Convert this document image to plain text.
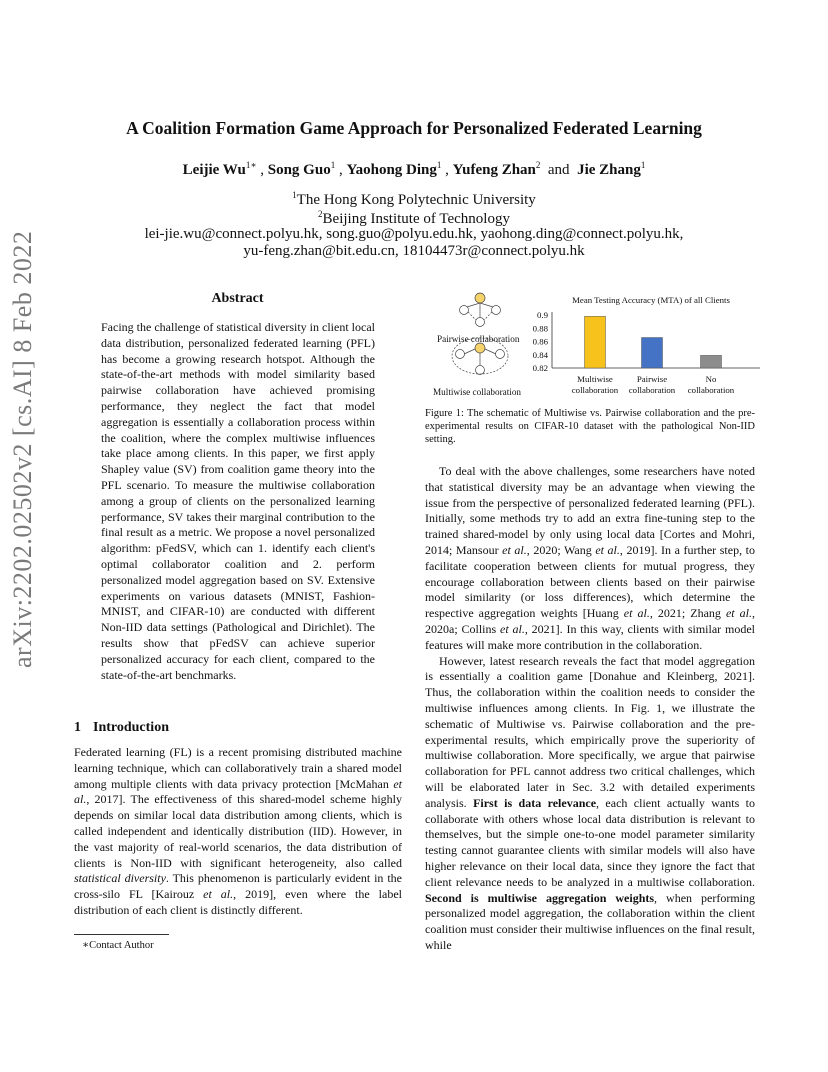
arXiv:2202.02502v2 [cs.AI] 8 Feb 2022
A Coalition Formation Game Approach for Personalized Federated Learning
Leijie $Wu^{1∗}$ , Song Guo$^1$ , Yaohong Ding$^1$ , Yufeng Zhan$^2$ and Jie Zhang$^1$
$^1$The Hong Kong Polytechnic University
$^2$Beijing Institute of Technology
lei-jie.wu@connect.polyu.hk, song.guo@polyu.edu.hk, yaohong.ding@connect.polyu.hk,
yu-feng.zhan@bit.edu.cn, 18104473r@connect.polyu.hk
Abstract
Facing the challenge of statistical diversity in client local data distribution, personalized federated learning (PFL) has become a growing research hotspot. Although the state-of-the-art methods with model similarity based pairwise collaboration have achieved promising performance, they neglect the fact that model aggregation is essentially a collaboration process within the coalition, where the complex multiwise influences take place among clients. In this paper, we first apply Shapley value (SV) from coalition game theory into the PFL scenario. To measure the multiwise collaboration among a group of clients on the personalized learning performance, SV takes their marginal contribution to the final result as a metric. We propose a novel personalized algorithm: pFedSV, which can 1. identify each client's optimal collaborator coalition and 2. perform personalized model aggregation based on SV. Extensive experiments on various datasets (MNIST, Fashion-MNIST, and CIFAR-10) are conducted with different Non-IID data settings (Pathological and Dirichlet). The results show that pFedSV can achieve superior personalized accuracy for each client, compared to the state-of-the-art benchmarks.
1 Introduction
Federated learning (FL) is a recent promising distributed machine learning technique, which can collaboratively train a shared model among multiple clients with data privacy protection [McMahan et al., 2017]. The effectiveness of this shared-model scheme highly depends on similar local data distribution among clients, which is called independent and identically distribution (IID). However, in the vast majority of real-world scenarios, the data distribution of clients is Non-IID with significant heterogeneity, also called statistical diversity. This phenomenon is particularly evident in the cross-silo FL [Kairouz et al., 2019], even where the label distribution of each client is distinctly different.
∗Contact Author
Pairwise collaboration
Multiwise collaboration
Mean Testing Accuracy (MTA) of all Clients
0.9
0.88
0.86
0.84
0.82
Multiwise
collaboration
Pairwise
collaboration
No
collaboration
Figure 1: The schematic of Multiwise vs. Pairwise collaboration and the pre-experimental results on CIFAR-10 dataset with the pathological Non-IID setting.

To deal with the above challenges, some researchers have noted that statistical diversity may be an advantage when viewing the issue from the perspective of personalized federated learning (PFL). Initially, some methods try to add an extra fine-tuning step to the trained shared-model by only using local data [Cortes and Mohri, 2014; Mansour et al., 2020; Wang et al., 2019]. In a further step, to facilitate cooperation between clients for mutual progress, they encourage collaboration between clients based on their pairwise model similarity (or loss differences), which determine the respective aggregation weights [Huang et al., 2021; Zhang et al., 2020a; Collins et al., 2021]. In this way, clients with similar model features will make more contribution in the collaboration.

However, latest research reveals the fact that model aggregation is essentially a coalition game [Donahue and Kleinberg, 2021]. Thus, the collaboration within the coalition needs to consider the multiwise influences among clients. In Fig. 1, we illustrate the schematic of Multiwise vs. Pairwise collaboration and the pre-experimental results, which empirically prove the superiority of multiwise collaboration. More specifically, we argue that pairwise collaboration for PFL cannot address two critical challenges, which will be elaborated later in Sec. 3.2 with detailed experiments analysis. First is data relevance, each client actually wants to collaborate with others whose local data distribution is relevant to themselves, but the simple one-to-one model parameter similarity testing cannot guarantee clients with similar models will also have higher relevance on their local data, since they ignore the fact that client relevance needs to be analyzed in a multiwise collaboration. Second is multiwise aggregation weights, when performing personalized model aggregation, the collaboration within the client coalition must consider their multiwise influences on the final result, while
